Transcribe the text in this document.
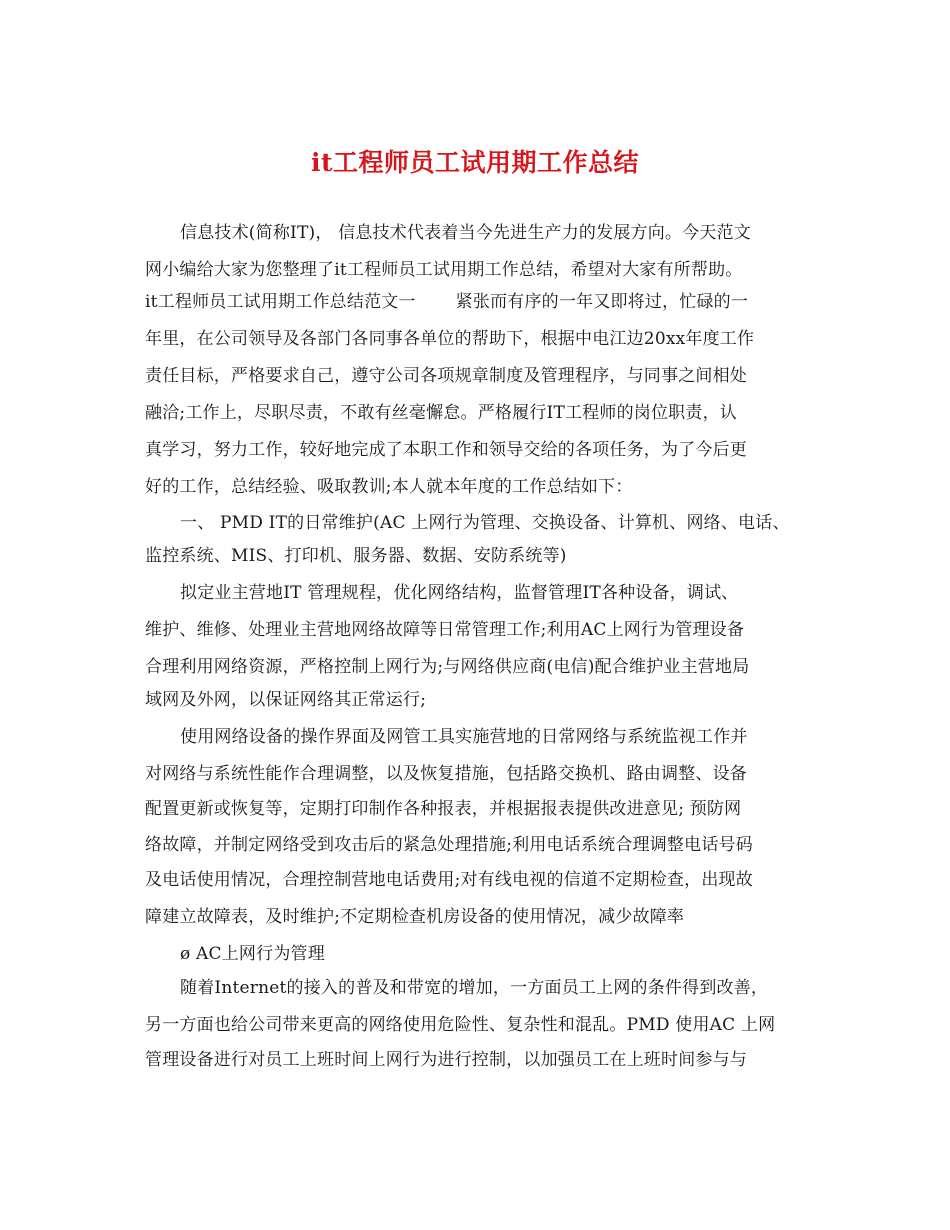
it工程师员工试用期工作总结
信息技术(简称IT)， 信息技术代表着当今先进生产力的发展方向。今天范文
网小编给大家为您整理了it工程师员工试用期工作总结，希望对大家有所帮助。
it工程师员工试用期工作总结范文一　　 紧张而有序的一年又即将过，忙碌的一
年里，在公司领导及各部门各同事各单位的帮助下，根据中电江边20xx年度工作
责任目标，严格要求自己，遵守公司各项规章制度及管理程序，与同事之间相处
融洽;工作上，尽职尽责，不敢有丝毫懈怠。严格履行IT工程师的岗位职责，认
真学习，努力工作，较好地完成了本职工作和领导交给的各项任务，为了今后更
好的工作，总结经验、吸取教训;本人就本年度的工作总结如下：
一、 PMD IT的日常维护(AC 上网行为管理、交换设备、计算机、网络、电话、
监控系统、MIS、打印机、服务器、数据、安防系统等)
拟定业主营地IT 管理规程，优化网络结构，监督管理IT各种设备，调试、
维护、维修、处理业主营地网络故障等日常管理工作;利用AC上网行为管理设备
合理利用网络资源，严格控制上网行为;与网络供应商(电信)配合维护业主营地局
域网及外网，以保证网络其正常运行;
使用网络设备的操作界面及网管工具实施营地的日常网络与系统监视工作并
对网络与系统性能作合理调整，以及恢复措施，包括路交换机、路由调整、设备
配置更新或恢复等，定期打印制作各种报表，并根据报表提供改进意见; 预防网
络故障，并制定网络受到攻击后的紧急处理措施;利用电话系统合理调整电话号码
及电话使用情况，合理控制营地电话费用;对有线电视的信道不定期检查，出现故
障建立故障表，及时维护;不定期检查机房设备的使用情况，减少故障率
ø AC上网行为管理
随着Internet的接入的普及和带宽的增加，一方面员工上网的条件得到改善，
另一方面也给公司带来更高的网络使用危险性、复杂性和混乱。PMD 使用AC 上网
管理设备进行对员工上班时间上网行为进行控制，以加强员工在上班时间参与与
